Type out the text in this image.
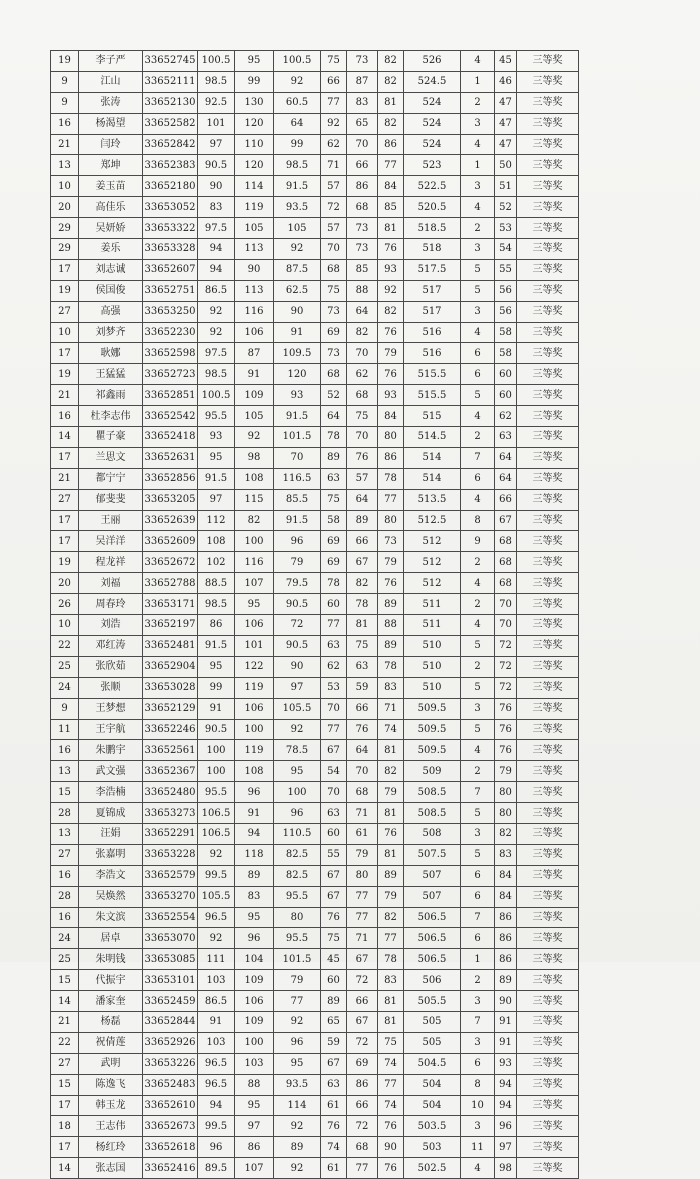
19	李子严	33652745	100.5	95	100.5	75	73	82	526	4	45	三等奖
9	江山	33652111	98.5	99	92	66	87	82	524.5	1	46	三等奖
9	张涛	33652130	92.5	130	60.5	77	83	81	524	2	47	三等奖
16	杨渴望	33652582	101	120	64	92	65	82	524	3	47	三等奖
21	闫玲	33652842	97	110	99	62	70	86	524	4	47	三等奖
13	郑坤	33652383	90.5	120	98.5	71	66	77	523	1	50	三等奖
10	姜玉苗	33652180	90	114	91.5	57	86	84	522.5	3	51	三等奖
20	高佳乐	33653052	83	119	93.5	72	68	85	520.5	4	52	三等奖
29	吴妍娇	33653322	97.5	105	105	57	73	81	518.5	2	53	三等奖
29	姜乐	33653328	94	113	92	70	73	76	518	3	54	三等奖
17	刘志诚	33652607	94	90	87.5	68	85	93	517.5	5	55	三等奖
19	侯国俊	33652751	86.5	113	62.5	75	88	92	517	5	56	三等奖
27	高强	33653250	92	116	90	73	64	82	517	3	56	三等奖
10	刘梦齐	33652230	92	106	91	69	82	76	516	4	58	三等奖
17	耿娜	33652598	97.5	87	109.5	73	70	79	516	6	58	三等奖
19	王猛猛	33652723	98.5	91	120	68	62	76	515.5	6	60	三等奖
21	祁鑫雨	33652851	100.5	109	93	52	68	93	515.5	5	60	三等奖
16	杜李志伟	33652542	95.5	105	91.5	64	75	84	515	4	62	三等奖
14	瞿子豪	33652418	93	92	101.5	78	70	80	514.5	2	63	三等奖
17	兰思文	33652631	95	98	70	89	76	86	514	7	64	三等奖
21	都宁宁	33652856	91.5	108	116.5	63	57	78	514	6	64	三等奖
27	郁斐斐	33653205	97	115	85.5	75	64	77	513.5	4	66	三等奖
17	王丽	33652639	112	82	91.5	58	89	80	512.5	8	67	三等奖
17	吴洋洋	33652609	108	100	96	69	66	73	512	9	68	三等奖
19	程龙祥	33652672	102	116	79	69	67	79	512	2	68	三等奖
20	刘福	33652788	88.5	107	79.5	78	82	76	512	4	68	三等奖
26	周春玲	33653171	98.5	95	90.5	60	78	89	511	2	70	三等奖
10	刘浩	33652197	86	106	72	77	81	88	511	4	70	三等奖
22	邓红涛	33652481	91.5	101	90.5	63	75	89	510	5	72	三等奖
25	张欣茹	33652904	95	122	90	62	63	78	510	2	72	三等奖
24	张顺	33653028	99	119	97	53	59	83	510	5	72	三等奖
9	王梦想	33652129	91	106	105.5	70	66	71	509.5	3	76	三等奖
11	王宇航	33652246	90.5	100	92	77	76	74	509.5	5	76	三等奖
16	朱鹏宇	33652561	100	119	78.5	67	64	81	509.5	4	76	三等奖
13	武文强	33652367	100	108	95	54	70	82	509	2	79	三等奖
15	李浩楠	33652480	95.5	96	100	70	68	79	508.5	7	80	三等奖
28	夏锦成	33653273	106.5	91	96	63	71	81	508.5	5	80	三等奖
13	汪娟	33652291	106.5	94	110.5	60	61	76	508	3	82	三等奖
27	张嘉明	33653228	92	118	82.5	55	79	81	507.5	5	83	三等奖
16	李浩文	33652579	99.5	89	82.5	67	80	89	507	6	84	三等奖
28	吴焕然	33653270	105.5	83	95.5	67	77	79	507	6	84	三等奖
16	朱文滨	33652554	96.5	95	80	76	77	82	506.5	7	86	三等奖
24	居卓	33653070	92	96	95.5	75	71	77	506.5	6	86	三等奖
25	朱明钱	33653085	111	104	101.5	45	67	78	506.5	1	86	三等奖
15	代振宇	33653101	103	109	79	60	72	83	506	2	89	三等奖
14	潘家奎	33652459	86.5	106	77	89	66	81	505.5	3	90	三等奖
21	杨磊	33652844	91	109	92	65	67	81	505	7	91	三等奖
22	祝倩莲	33652926	103	100	96	59	72	75	505	3	91	三等奖
27	武明	33653226	96.5	103	95	67	69	74	504.5	6	93	三等奖
15	陈逸飞	33652483	96.5	88	93.5	63	86	77	504	8	94	三等奖
17	韩玉龙	33652610	94	95	114	61	66	74	504	10	94	三等奖
18	王志伟	33652673	99.5	97	92	76	72	76	503.5	3	96	三等奖
17	杨红玲	33652618	96	86	89	74	68	90	503	11	97	三等奖
14	张志国	33652416	89.5	107	92	61	77	76	502.5	4	98	三等奖
